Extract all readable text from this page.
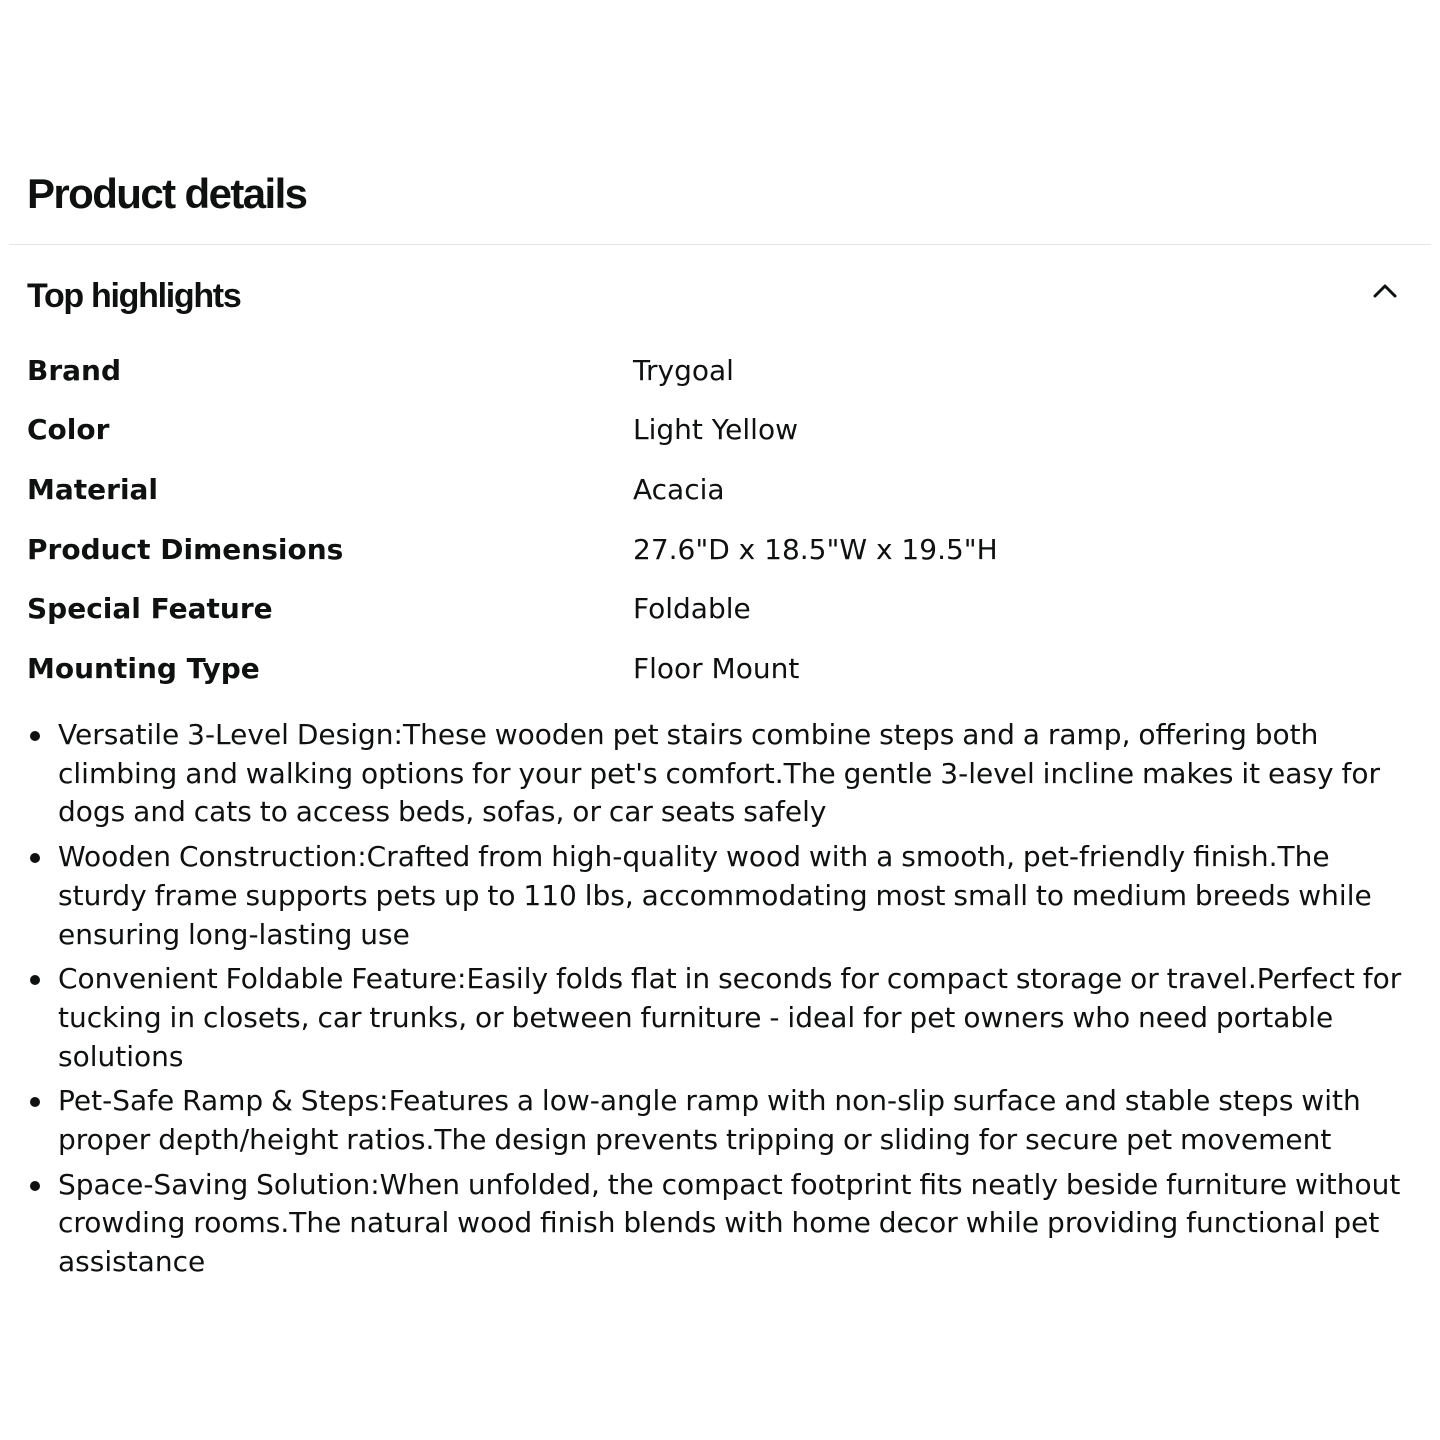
Product details
Top highlights
Brand	Trygoal
Color	Light Yellow
Material	Acacia
Product Dimensions	27.6"D x 18.5"W x 19.5"H
Special Feature	Foldable
Mounting Type	Floor Mount
Versatile 3-Level Design:These wooden pet stairs combine steps and a ramp, offering both climbing and walking options for your pet's comfort.The gentle 3-level incline makes it easy for dogs and cats to access beds, sofas, or car seats safely
Wooden Construction:Crafted from high-quality wood with a smooth, pet-friendly finish.The sturdy frame supports pets up to 110 lbs, accommodating most small to medium breeds while ensuring long-lasting use
Convenient Foldable Feature:Easily folds flat in seconds for compact storage or travel.Perfect for tucking in closets, car trunks, or between furniture - ideal for pet owners who need portable solutions
Pet-Safe Ramp & Steps:Features a low-angle ramp with non-slip surface and stable steps with proper depth/height ratios.The design prevents tripping or sliding for secure pet movement
Space-Saving Solution:When unfolded, the compact footprint fits neatly beside furniture without crowding rooms.The natural wood finish blends with home decor while providing functional pet assistance
